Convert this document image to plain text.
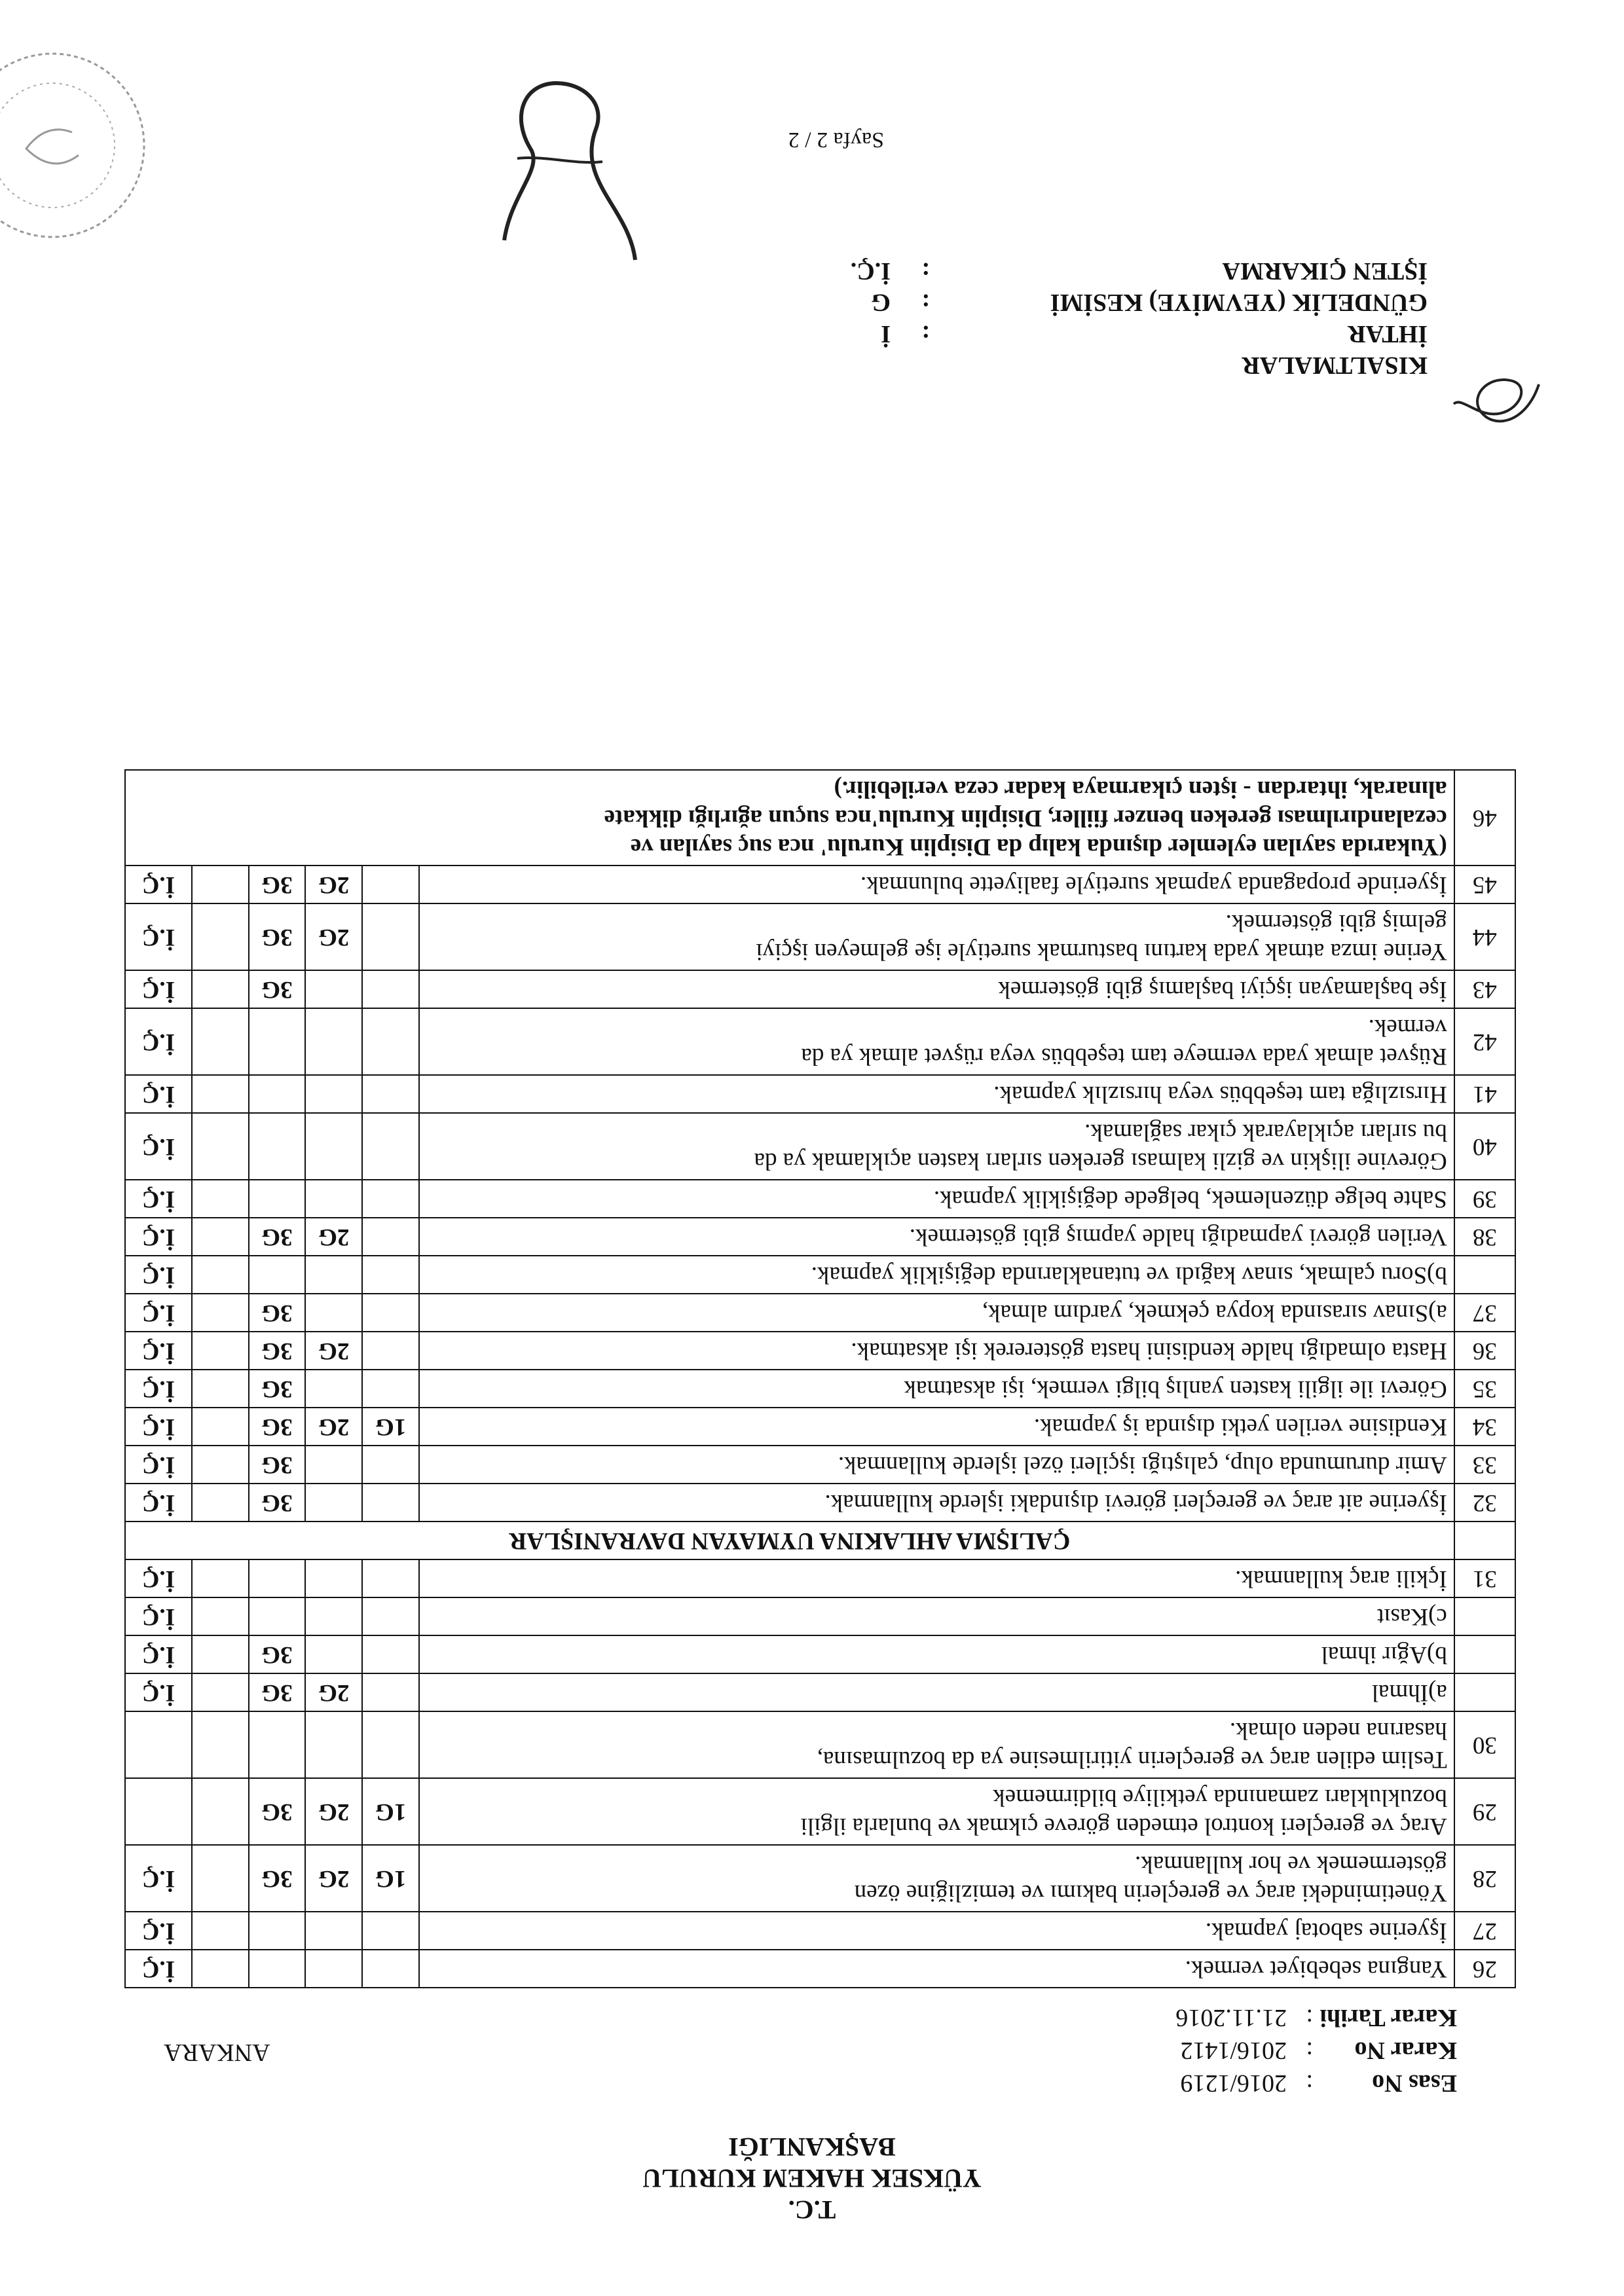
T.C.
YÜKSEK HAKEM KURULU
BAŞKANLIĞI
Esas No
:
2016/1219
Karar No
:
2016/1412
Karar Tarihi
:
21.11.2016
ANKARA
26	Yangına sebebiyet vermek.					İ.Ç
27	İşyerine sabotaj yapmak.					İ.Ç
28	Yönetimindeki araç ve gereçlerin bakımı ve temizliğine özen
göstermemek ve hor kullanmak.	1G	2G	3G		İ.Ç
29	Araç ve gereçleri kontrol etmeden göreve çıkmak ve bunlarla ilgili
bozuklukları zamanında yetkiliye bildirmemek	1G	2G	3G		
30	Teslim edilen araç ve gereçlerin yitirilmesine ya da bozulmasına,
hasarına neden olmak.					

	a)İhmal		2G	3G		İ.Ç

	b)Ağır ihmal			3G		İ.Ç

	c)Kasıt					İ.Ç
31	İçkili araç kullanmak.					İ.Ç
	ÇALIŞMA AHLAKINA UYMAYAN DAVRANIŞLAR					
32	İşyerine ait araç ve gereçleri görevi dışındaki işlerde kullanmak.			3G		İ.Ç
33	Amir durumunda olup, çalıştığı işçileri özel işlerde kullanmak.			3G		İ.Ç
34	Kendisine verilen yetki dışında iş yapmak.	1G	2G	3G		İ.Ç
35	Görevi ile ilgili kasten yanlış bilgi vermek, işi aksatmak			3G		İ.Ç
36	Hasta olmadığı halde kendisini hasta göstererek işi aksatmak.		2G	3G		İ.Ç
37	a)Sınav sırasında kopya çekmek, yardım almak,			3G		İ.Ç

	b)Soru çalmak, sınav kağıdı ve tutanaklarında değişiklik yapmak.					İ.Ç
38	Verilen görevi yapmadığı halde yapmış gibi göstermek.		2G	3G		İ.Ç
39	Sahte belge düzenlemek, belgede değişiklik yapmak.					İ.Ç
40	Görevine ilişkin ve gizli kalması gereken sırları kasten açıklamak ya da
bu sırları açıklayarak çıkar sağlamak.					İ.Ç
41	Hırsızlığa tam teşebbüs veya hırsızlık yapmak.					İ.Ç
42	Rüşvet almak yada vermeye tam teşebbüs veya rüşvet almak ya da
vermek.					İ.Ç
43	İşe başlamayan işçiyi başlamış gibi göstermek			3G		İ.Ç
44	Yerine imza atmak yada kartını basturmak suretiyle işe gelmeyen işçiyi
gelmiş gibi göstermek.		2G	3G		İ.Ç
45	İşyerinde propaganda yapmak suretiyle faaliyette bulunmak.		2G	3G		İ.Ç
46	(Yukarıda sayılan eylemler dışında kalıp da Disiplin Kurulu' nca suç sayılan ve
cezalandırılması gereken benzer fiiller, Disiplin Kurulu'nca suçun ağırlığı dikkate
alınarak, ihtardan - işten çıkarmaya kadar ceza verilebilir.)					
KISALTMALAR
İHTAR
:
İ
GÜNDELİK (YEVMİYE) KESİMİ
:
G
İŞTEN ÇIKARMA
:
İ.Ç.
Sayfa 2 / 2
